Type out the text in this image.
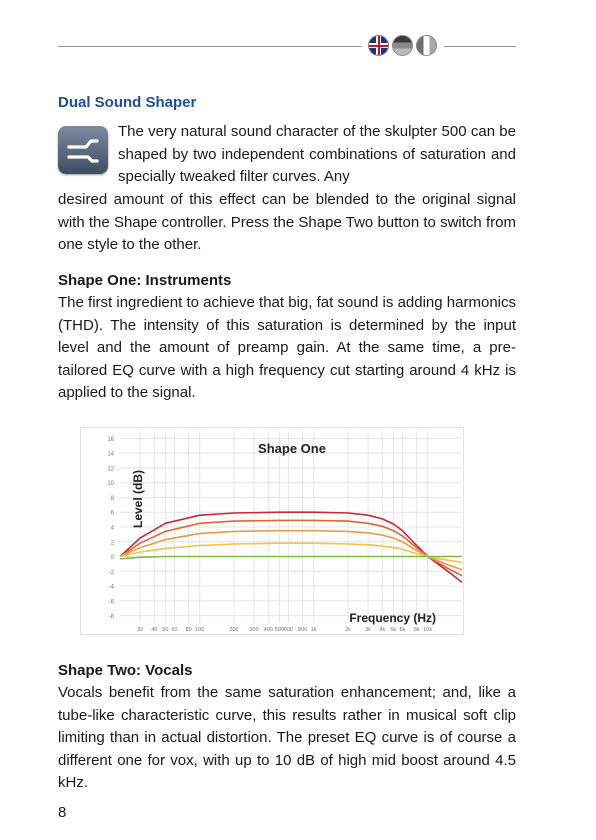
Dual Sound Shaper

The very natural sound character of the skulpter 500 can be shaped by two independent combinations of saturation and specially tweaked filter curves. Any

desired amount of this effect can be blended to the original signal with the Shape controller. Press the Shape Two button to switch from one style to the other.

Shape One: Instruments

The first ingredient to achieve that big, fat sound is adding harmonics (THD). The intensity of this saturation is determined by the input level and the amount of preamp gain. At the same time, a pre-tailored EQ curve with a high frequency cut starting around 4 kHz is applied to the signal.

16
14
12
10
8
6
4
2
0
-2
-4
-6
-8
30 40 50 60 80 100	200 300 400 500 600 800 1k	2k	3k 4k 5k 6k 8k 10k
Shape One
Level (dB)
Frequency (Hz)
Shape Two: Vocals

Vocals benefit from the same saturation enhancement; and, like a tube-like characteristic curve, this results rather in musical soft clip limiting than in actual distortion. The preset EQ curve is of course a different one for vox, with up to 10 dB of high mid boost around 4.5 kHz.

8
